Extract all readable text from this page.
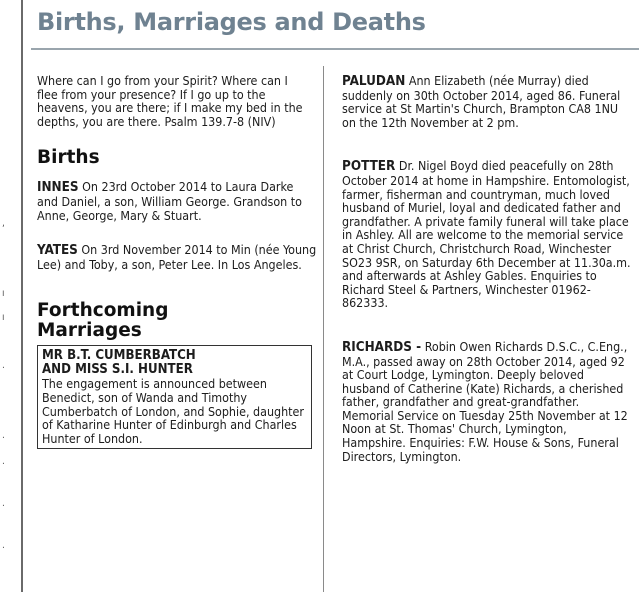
,
ı
ı
.
.
.
.
.
Births, Marriages and Deaths

Where can I go from your Spirit? Where can I flee from your presence? If I go up to the heavens, you are there; if I make my bed in the depths, you are there. Psalm 139.7-8 (NIV)

Births

INNES On 23rd October 2014 to Laura Darke and Daniel, a son, William George. Grandson to Anne, George, Mary & Stuart.

YATES On 3rd November 2014 to Min (née Young Lee) and Toby, a son, Peter Lee. In Los Angeles.

Forthcoming
Marriages
MR B.T. CUMBERBATCH
AND MISS S.I. HUNTER

The engagement is announced between Benedict, son of Wanda and Timothy Cumberbatch of London, and Sophie, daughter of Katharine Hunter of Edinburgh and Charles Hunter of London.

PALUDAN Ann Elizabeth (née Murray) died suddenly on 30th October 2014, aged 86. Funeral service at St Martin's Church, Brampton CA8 1NU on the 12th November at 2 pm.

POTTER Dr. Nigel Boyd died peacefully on 28th October 2014 at home in Hampshire. Entomologist, farmer, fisherman and countryman, much loved husband of Muriel, loyal and dedicated father and grandfather. A private family funeral will take place in Ashley. All are welcome to the memorial service at Christ Church, Christchurch Road, Winchester SO23 9SR, on Saturday 6th December at 11.30a.m. and afterwards at Ashley Gables. Enquiries to Richard Steel & Partners, Winchester 01962-862333.

RICHARDS - Robin Owen Richards D.S.C., C.Eng., M.A., passed away on 28th October 2014, aged 92 at Court Lodge, Lymington. Deeply beloved husband of Catherine (Kate) Richards, a cherished father, grandfather and great-grandfather. Memorial Service on Tuesday 25th November at 12 Noon at St. Thomas' Church, Lymington, Hampshire. Enquiries: F.W. House & Sons, Funeral Directors, Lymington.
